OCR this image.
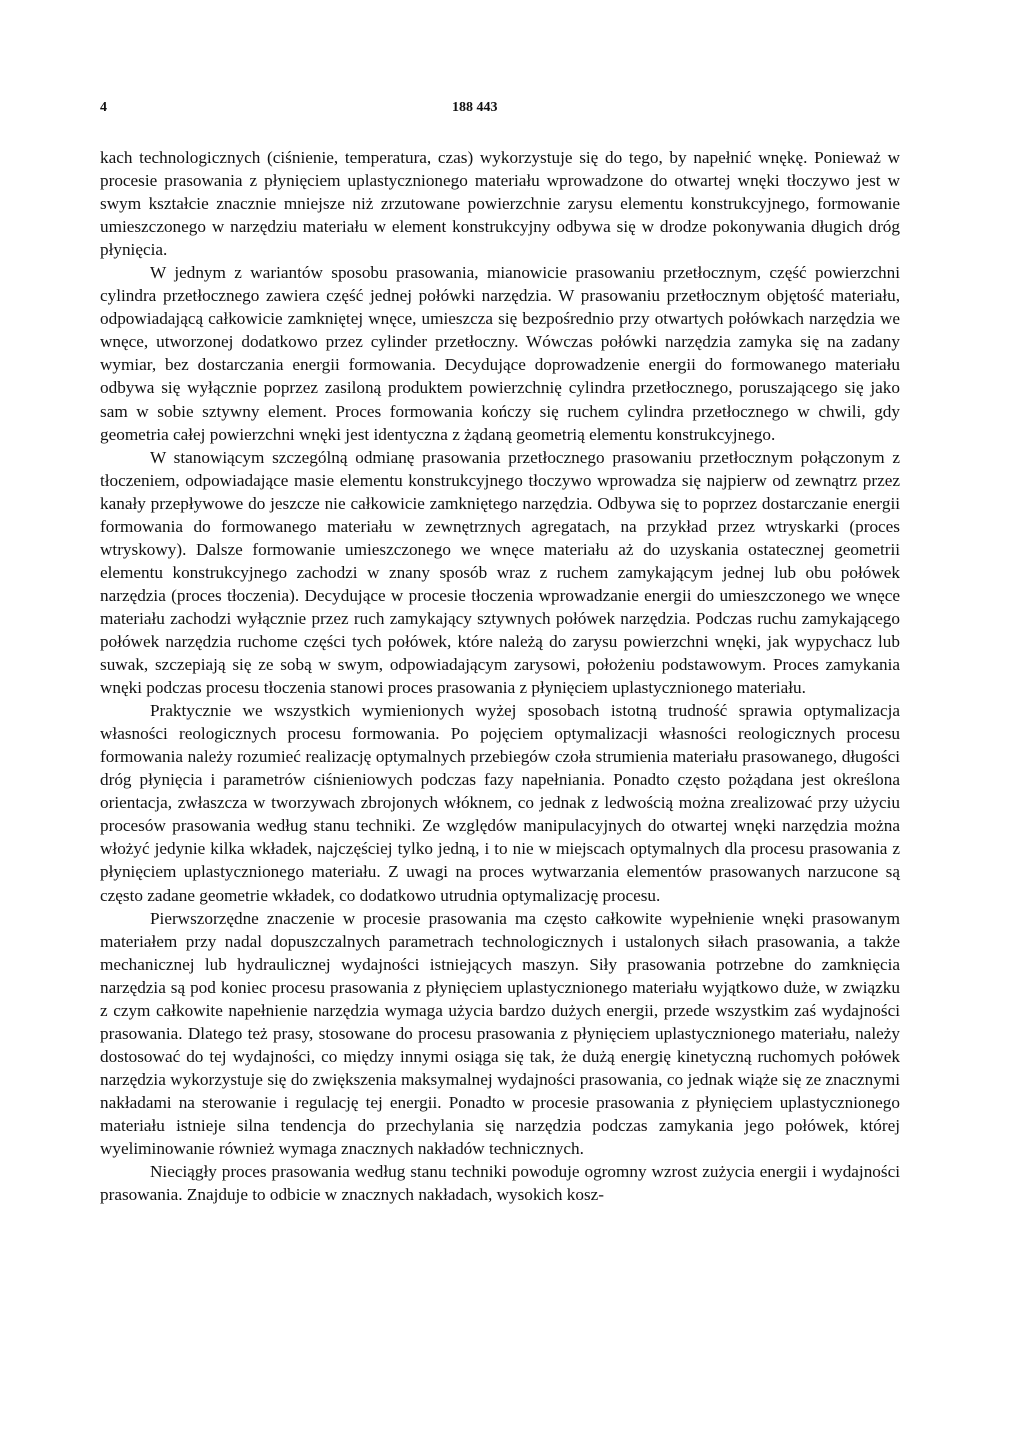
4	188 443

kach technologicznych (ciśnienie, temperatura, czas) wykorzystuje się do tego, by napełnić wnękę. Ponieważ w procesie prasowania z płynięciem uplastycznionego materiału wprowadzone do otwartej wnęki tłoczywo jest w swym kształcie znacznie mniejsze niż zrzutowane powierzchnie zarysu elementu konstrukcyjnego, formowanie umieszczonego w narzędziu materiału w element konstrukcyjny odbywa się w drodze pokonywania długich dróg płynięcia.

W jednym z wariantów sposobu prasowania, mianowicie prasowaniu przetłocznym, część powierzchni cylindra przetłocznego zawiera część jednej połówki narzędzia. W prasowaniu przetłocznym objętość materiału, odpowiadającą całkowicie zamkniętej wnęce, umieszcza się bezpośrednio przy otwartych połówkach narzędzia we wnęce, utworzonej dodatkowo przez cylinder przetłoczny. Wówczas połówki narzędzia zamyka się na zadany wymiar, bez dostarczania energii formowania. Decydujące doprowadzenie energii do formowanego materiału odbywa się wyłącznie poprzez zasiloną produktem powierzchnię cylindra przetłocznego, poruszającego się jako sam w sobie sztywny element. Proces formowania kończy się ruchem cylindra przetłocznego w chwili, gdy geometria całej powierzchni wnęki jest identyczna z żądaną geometrią elementu konstrukcyjnego.

W stanowiącym szczególną odmianę prasowania przetłocznego prasowaniu przetłocznym połączonym z tłoczeniem, odpowiadające masie elementu konstrukcyjnego tłoczywo wprowadza się najpierw od zewnątrz przez kanały przepływowe do jeszcze nie całkowicie zamkniętego narzędzia. Odbywa się to poprzez dostarczanie energii formowania do formowanego materiału w zewnętrznych agregatach, na przykład przez wtryskarki (proces wtryskowy). Dalsze formowanie umieszczonego we wnęce materiału aż do uzyskania ostatecznej geometrii elementu konstrukcyjnego zachodzi w znany sposób wraz z ruchem zamykającym jednej lub obu połówek narzędzia (proces tłoczenia). Decydujące w procesie tłoczenia wprowadzanie energii do umieszczonego we wnęce materiału zachodzi wyłącznie przez ruch zamykający sztywnych połówek narzędzia. Podczas ruchu zamykającego połówek narzędzia ruchome części tych połówek, które należą do zarysu powierzchni wnęki, jak wypychacz lub suwak, szczepiają się ze sobą w swym, odpowiadającym zarysowi, położeniu podstawowym. Proces zamykania wnęki podczas procesu tłoczenia stanowi proces prasowania z płynięciem uplastycznionego materiału.

Praktycznie we wszystkich wymienionych wyżej sposobach istotną trudność sprawia optymalizacja własności reologicznych procesu formowania. Po pojęciem optymalizacji własności reologicznych procesu formowania należy rozumieć realizację optymalnych przebiegów czoła strumienia materiału prasowanego, długości dróg płynięcia i parametrów ciśnieniowych podczas fazy napełniania. Ponadto często pożądana jest określona orientacja, zwłaszcza w tworzywach zbrojonych włóknem, co jednak z ledwością można zrealizować przy użyciu procesów prasowania według stanu techniki. Ze względów manipulacyjnych do otwartej wnęki narzędzia można włożyć jedynie kilka wkładek, najczęściej tylko jedną, i to nie w miejscach optymalnych dla procesu prasowania z płynięciem uplastycznionego materiału. Z uwagi na proces wytwarzania elementów prasowanych narzucone są często zadane geometrie wkładek, co dodatkowo utrudnia optymalizację procesu.

Pierwszorzędne znaczenie w procesie prasowania ma często całkowite wypełnienie wnęki prasowanym materiałem przy nadal dopuszczalnych parametrach technologicznych i ustalonych siłach prasowania, a także mechanicznej lub hydraulicznej wydajności istniejących maszyn. Siły prasowania potrzebne do zamknięcia narzędzia są pod koniec procesu prasowania z płynięciem uplastycznionego materiału wyjątkowo duże, w związku z czym całkowite napełnienie narzędzia wymaga użycia bardzo dużych energii, przede wszystkim zaś wydajności prasowania. Dlatego też prasy, stosowane do procesu prasowania z płynięciem uplastycznionego materiału, należy dostosować do tej wydajności, co między innymi osiąga się tak, że dużą energię kinetyczną ruchomych połówek narzędzia wykorzystuje się do zwiększenia maksymalnej wydajności prasowania, co jednak wiąże się ze znacznymi nakładami na sterowanie i regulację tej energii. Ponadto w procesie prasowania z płynięciem uplastycznionego materiału istnieje silna tendencja do przechylania się narzędzia podczas zamykania jego połówek, której wyeliminowanie również wymaga znacznych nakładów technicznych.

Nieciągły proces prasowania według stanu techniki powoduje ogromny wzrost zużycia energii i wydajności prasowania. Znajduje to odbicie w znacznych nakładach, wysokich kosz-
